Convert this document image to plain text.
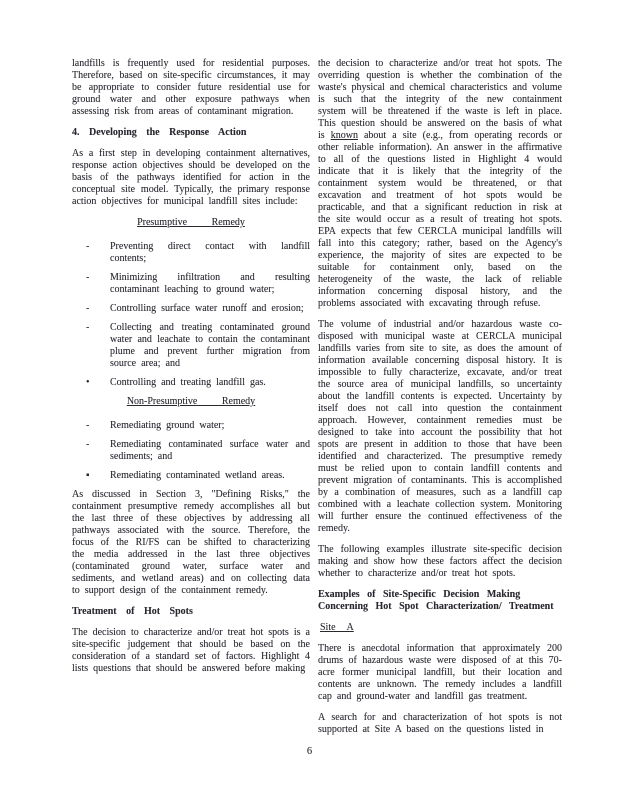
landfills is frequently used for residential purposes. Therefore, based on site-specific circumstances, it may be appropriate to consider future residential use for ground water and other exposure pathways when assessing risk from areas of contaminant migration.

4. Developing the Response Action

As a first step in developing containment alternatives, response action objectives should be developed on the basis of the pathways identified for action in the conceptual site model. Typically, the primary response action objectives for municipal landfill sites include:

Presumptive Remedy
-	Preventing direct contact with landfill contents;
-	Minimizing infiltration and resulting contaminant leaching to ground water;
-	Controlling surface water runoff and erosion;
-	Collecting and treating contaminated ground water and leachate to contain the contaminant plume and prevent further migration from source area; and
•	Controlling and treating landfill gas.
Non-Presumptive Remedy
-	Remediating ground water;
-	Remediating contaminated surface water and sediments; and
▪	Remediating contaminated wetland areas.

As discussed in Section 3, "Defining Risks," the containment presumptive remedy accomplishes all but the last three of these objectives by addressing all pathways associated with the source. Therefore, the focus of the RI/FS can be shifted to characterizing the media addressed in the last three objectives (contaminated ground water, surface water and sediments, and wetland areas) and on collecting data to support design of the containment remedy.

Treatment of Hot Spots

The decision to characterize and/or treat hot spots is a site-specific judgement that should be based on the consideration of a standard set of factors. Highlight 4 lists questions that should be answered before making

the decision to characterize and/or treat hot spots. The overriding question is whether the combination of the waste's physical and chemical characteristics and volume is such that the integrity of the new containment system will be threatened if the waste is left in place. This question should be answered on the basis of what is known about a site (e.g., from operating records or other reliable information). An answer in the affirmative to all of the questions listed in Highlight 4 would indicate that it is likely that the integrity of the containment system would be threatened, or that excavation and treatment of hot spots would be practicable, and that a significant reduction in risk at the site would occur as a result of treating hot spots. EPA expects that few CERCLA municipal landfills will fall into this category; rather, based on the Agency's experience, the majority of sites are expected to be suitable for containment only, based on the heterogeneity of the waste, the lack of reliable information concerning disposal history, and the problems associated with excavating through refuse.

The volume of industrial and/or hazardous waste co-disposed with municipal waste at CERCLA municipal landfills varies from site to site, as does the amount of information available concerning disposal history. It is impossible to fully characterize, excavate, and/or treat the source area of municipal landfills, so uncertainty about the landfill contents is expected. Uncertainty by itself does not call into question the containment approach. However, containment remedies must be designed to take into account the possibility that hot spots are present in addition to those that have been identified and characterized. The presumptive remedy must be relied upon to contain landfill contents and prevent migration of contaminants. This is accomplished by a combination of measures, such as a landfill cap combined with a leachate collection system. Monitoring will further ensure the continued effectiveness of the remedy.

The following examples illustrate site-specific decision making and show how these factors affect the decision whether to characterize and/or treat hot spots.

Examples of Site-Specific Decision Making Concerning Hot Spot Characterization/ Treatment

Site A

There is anecdotal information that approximately 200 drums of hazardous waste were disposed of at this 70-acre former municipal landfill, but their location and contents are unknown. The remedy includes a landfill cap and ground-water and landfill gas treatment.

A search for and characterization of hot spots is not supported at Site A based on the questions listed in

6
